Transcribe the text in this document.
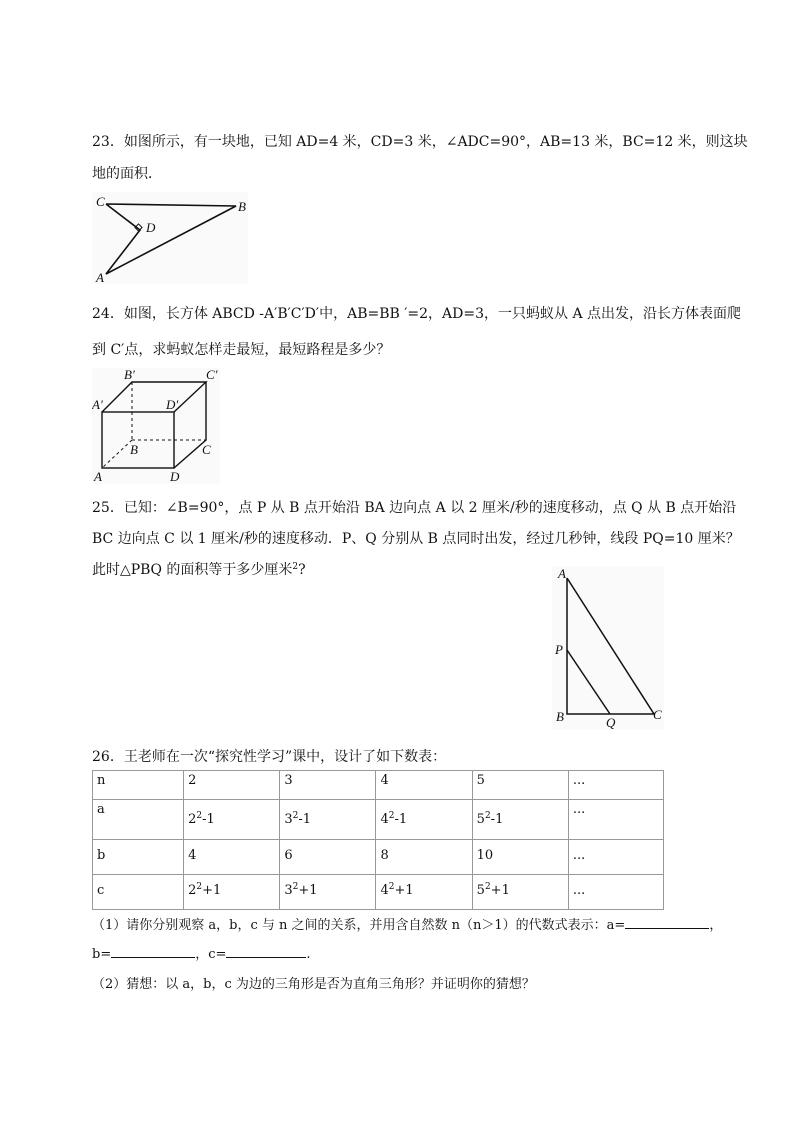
23．如图所示，有一块地，已知 AD=4 米，CD=3 米，∠ADC=90°，AB=13 米，BC=12 米，则这块
地的面积．
C	B
D
A
24．如图，长方体 ABCD -A′B′C′D′中，AB=BB ′=2，AD=3，一只蚂蚁从 A 点出发，沿长方体表面爬
到 C′点，求蚂蚁怎样走最短，最短路程是多少？
B′	C′
A′	D′
B	C
A	D
25．已知：∠B=90°，点 P 从 B 点开始沿 BA 边向点 A 以 2 厘米/秒的速度移动，点 Q 从 B 点开始沿
BC 边向点 C 以 1 厘米/秒的速度移动．P、Q 分别从 B 点同时出发，经过几秒钟，线段 PQ=10 厘米？
此时△PBQ 的面积等于多少厘米$^2$?	A
P
B	Q
C
26．王老师在一次“探究性学习”课中，设计了如下数表：
n	2	3	4	5	...
a	$2^2-1$	$3^2-1$	$4^2-1$	$5^2-1$	...
b	4	6	8	10	...
c	$2^2+1$	$3^2+1$	$4^2+1$	$5^2+1$	...
（1）请你分别观察 a，b，c 与 n 之间的关系，并用含自然数 n（n＞1）的代数式表示：a=	，
b=	，c=	.
（2）猜想：以 a，b，c 为边的三角形是否为直角三角形？并证明你的猜想？
